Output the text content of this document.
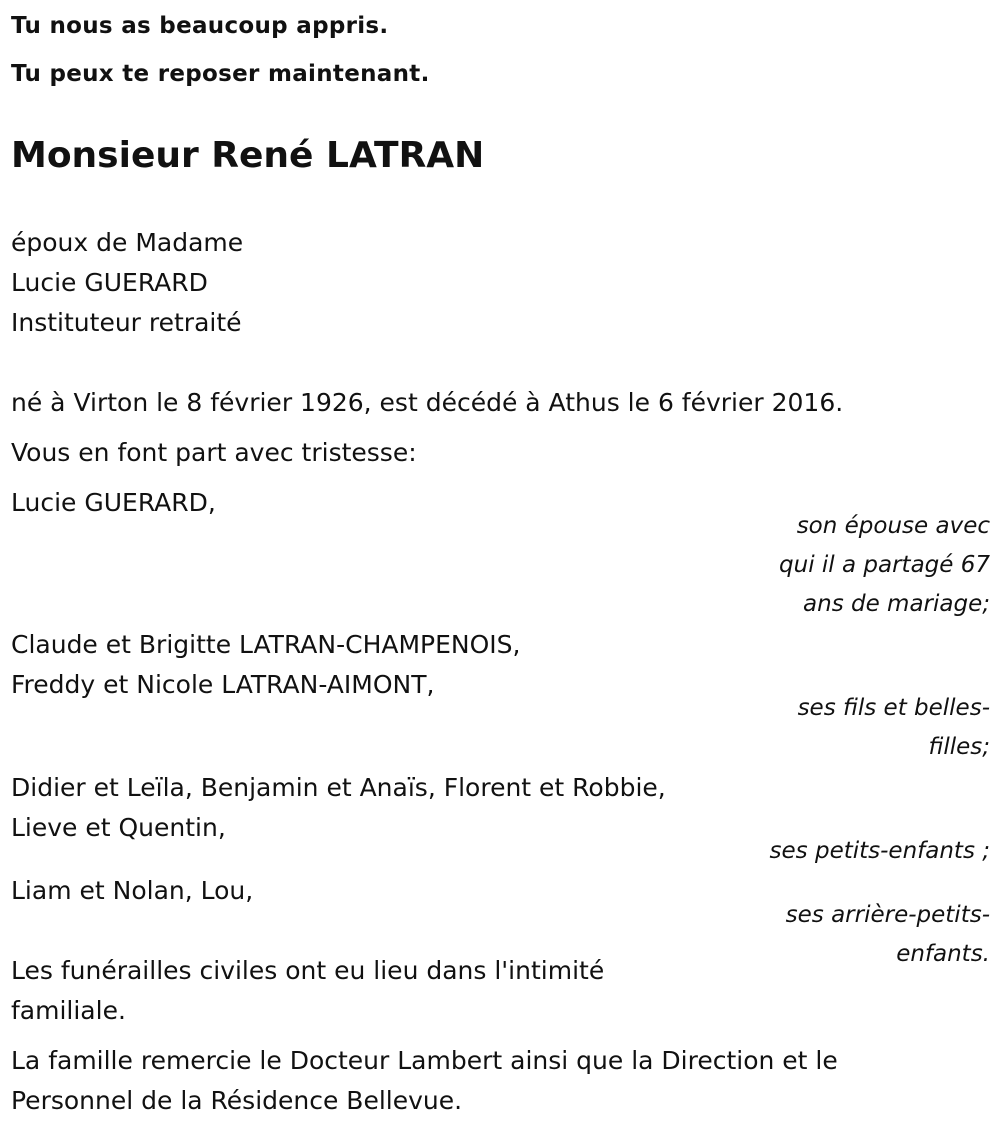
Tu nous as beaucoup appris.
Tu peux te reposer maintenant.
Monsieur René LATRAN
époux de Madame
Lucie GUERARD
Instituteur retraité
né à Virton le 8 février 1926, est décédé à Athus le 6 février 2016.
Vous en font part avec tristesse:
Lucie GUERARD,
son épouse avec
qui il a partagé 67
ans de mariage;
Claude et Brigitte LATRAN-CHAMPENOIS,
Freddy et Nicole LATRAN-AIMONT,
ses fils et belles-
filles;
Didier et Leïla, Benjamin et Anaïs, Florent et Robbie,
Lieve et Quentin,
ses petits-enfants ;
Liam et Nolan, Lou,
ses arrière-petits-
enfants.
Les funérailles civiles ont eu lieu dans l'intimité
familiale.
La famille remercie le Docteur Lambert ainsi que la Direction et le
Personnel de la Résidence Bellevue.
